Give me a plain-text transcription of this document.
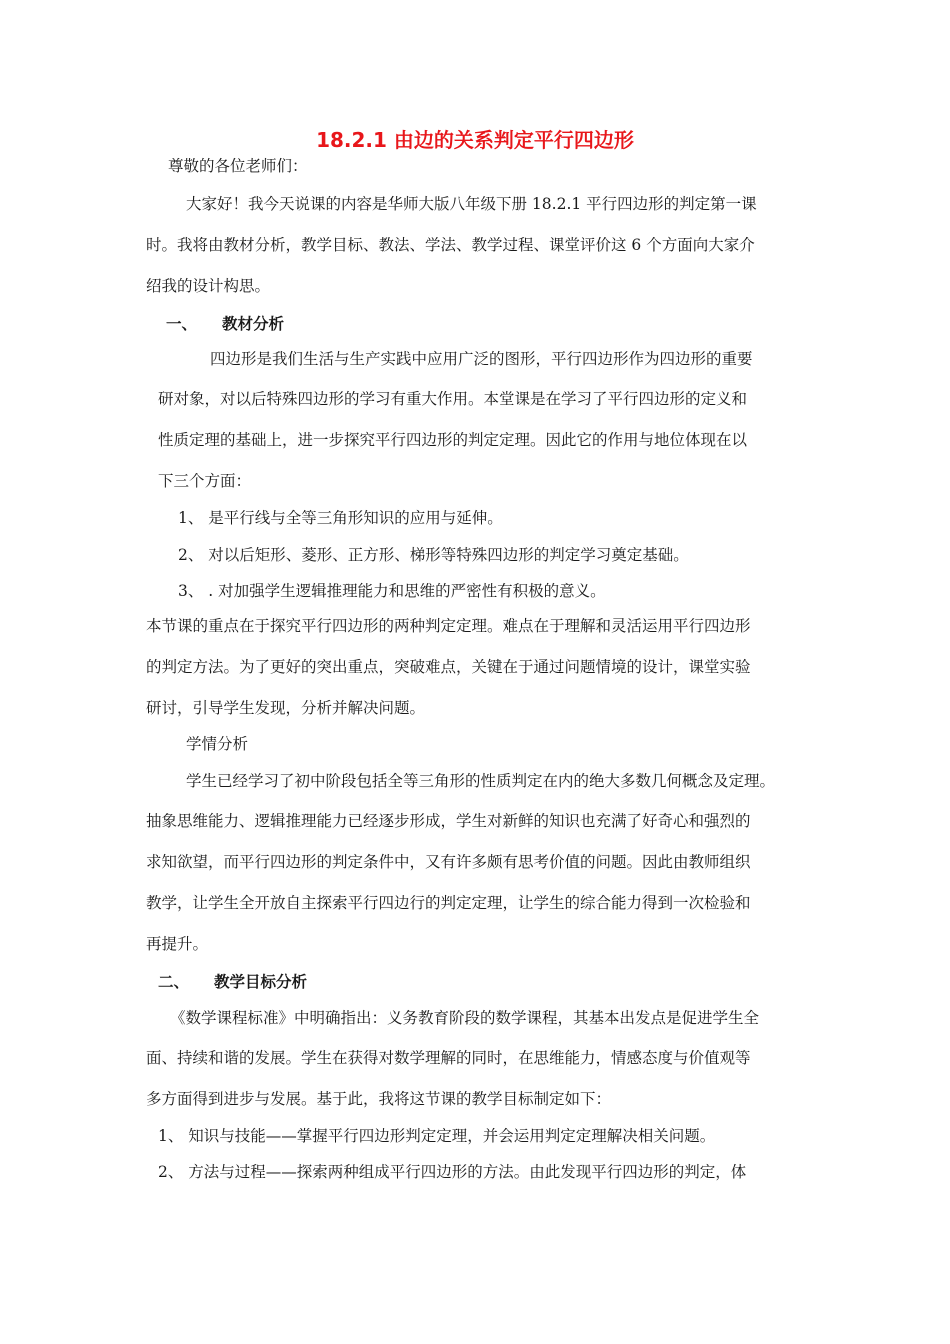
18.2.1 由边的关系判定平行四边形
尊敬的各位老师们：
大家好！我今天说课的内容是华师大版八年级下册 18.2.1 平行四边形的判定第一课
时。我将由教材分析，教学目标、教法、学法、教学过程、课堂评价这 6 个方面向大家介
绍我的设计构思。
一、 教材分析
四边形是我们生活与生产实践中应用广泛的图形，平行四边形作为四边形的重要
研对象，对以后特殊四边形的学习有重大作用。本堂课是在学习了平行四边形的定义和
性质定理的基础上，进一步探究平行四边形的判定定理。因此它的作用与地位体现在以
下三个方面：
1、 是平行线与全等三角形知识的应用与延伸。
2、 对以后矩形、菱形、正方形、梯形等特殊四边形的判定学习奠定基础。
3、 . 对加强学生逻辑推理能力和思维的严密性有积极的意义。
本节课的重点在于探究平行四边形的两种判定定理。难点在于理解和灵活运用平行四边形
的判定方法。为了更好的突出重点，突破难点，关键在于通过问题情境的设计，课堂实验
研讨，引导学生发现，分析并解决问题。
学情分析
学生已经学习了初中阶段包括全等三角形的性质判定在内的绝大多数几何概念及定理。
抽象思维能力、逻辑推理能力已经逐步形成，学生对新鲜的知识也充满了好奇心和强烈的
求知欲望，而平行四边形的判定条件中，又有许多颇有思考价值的问题。因此由教师组织
教学，让学生全开放自主探索平行四边行的判定定理，让学生的综合能力得到一次检验和
再提升。
二、 教学目标分析
《数学课程标准》中明确指出：义务教育阶段的数学课程，其基本出发点是促进学生全
面、持续和谐的发展。学生在获得对数学理解的同时，在思维能力，情感态度与价值观等
多方面得到进步与发展。基于此，我将这节课的教学目标制定如下：
1、 知识与技能——掌握平行四边形判定定理，并会运用判定定理解决相关问题。
2、 方法与过程——探索两种组成平行四边形的方法。由此发现平行四边形的判定，体
